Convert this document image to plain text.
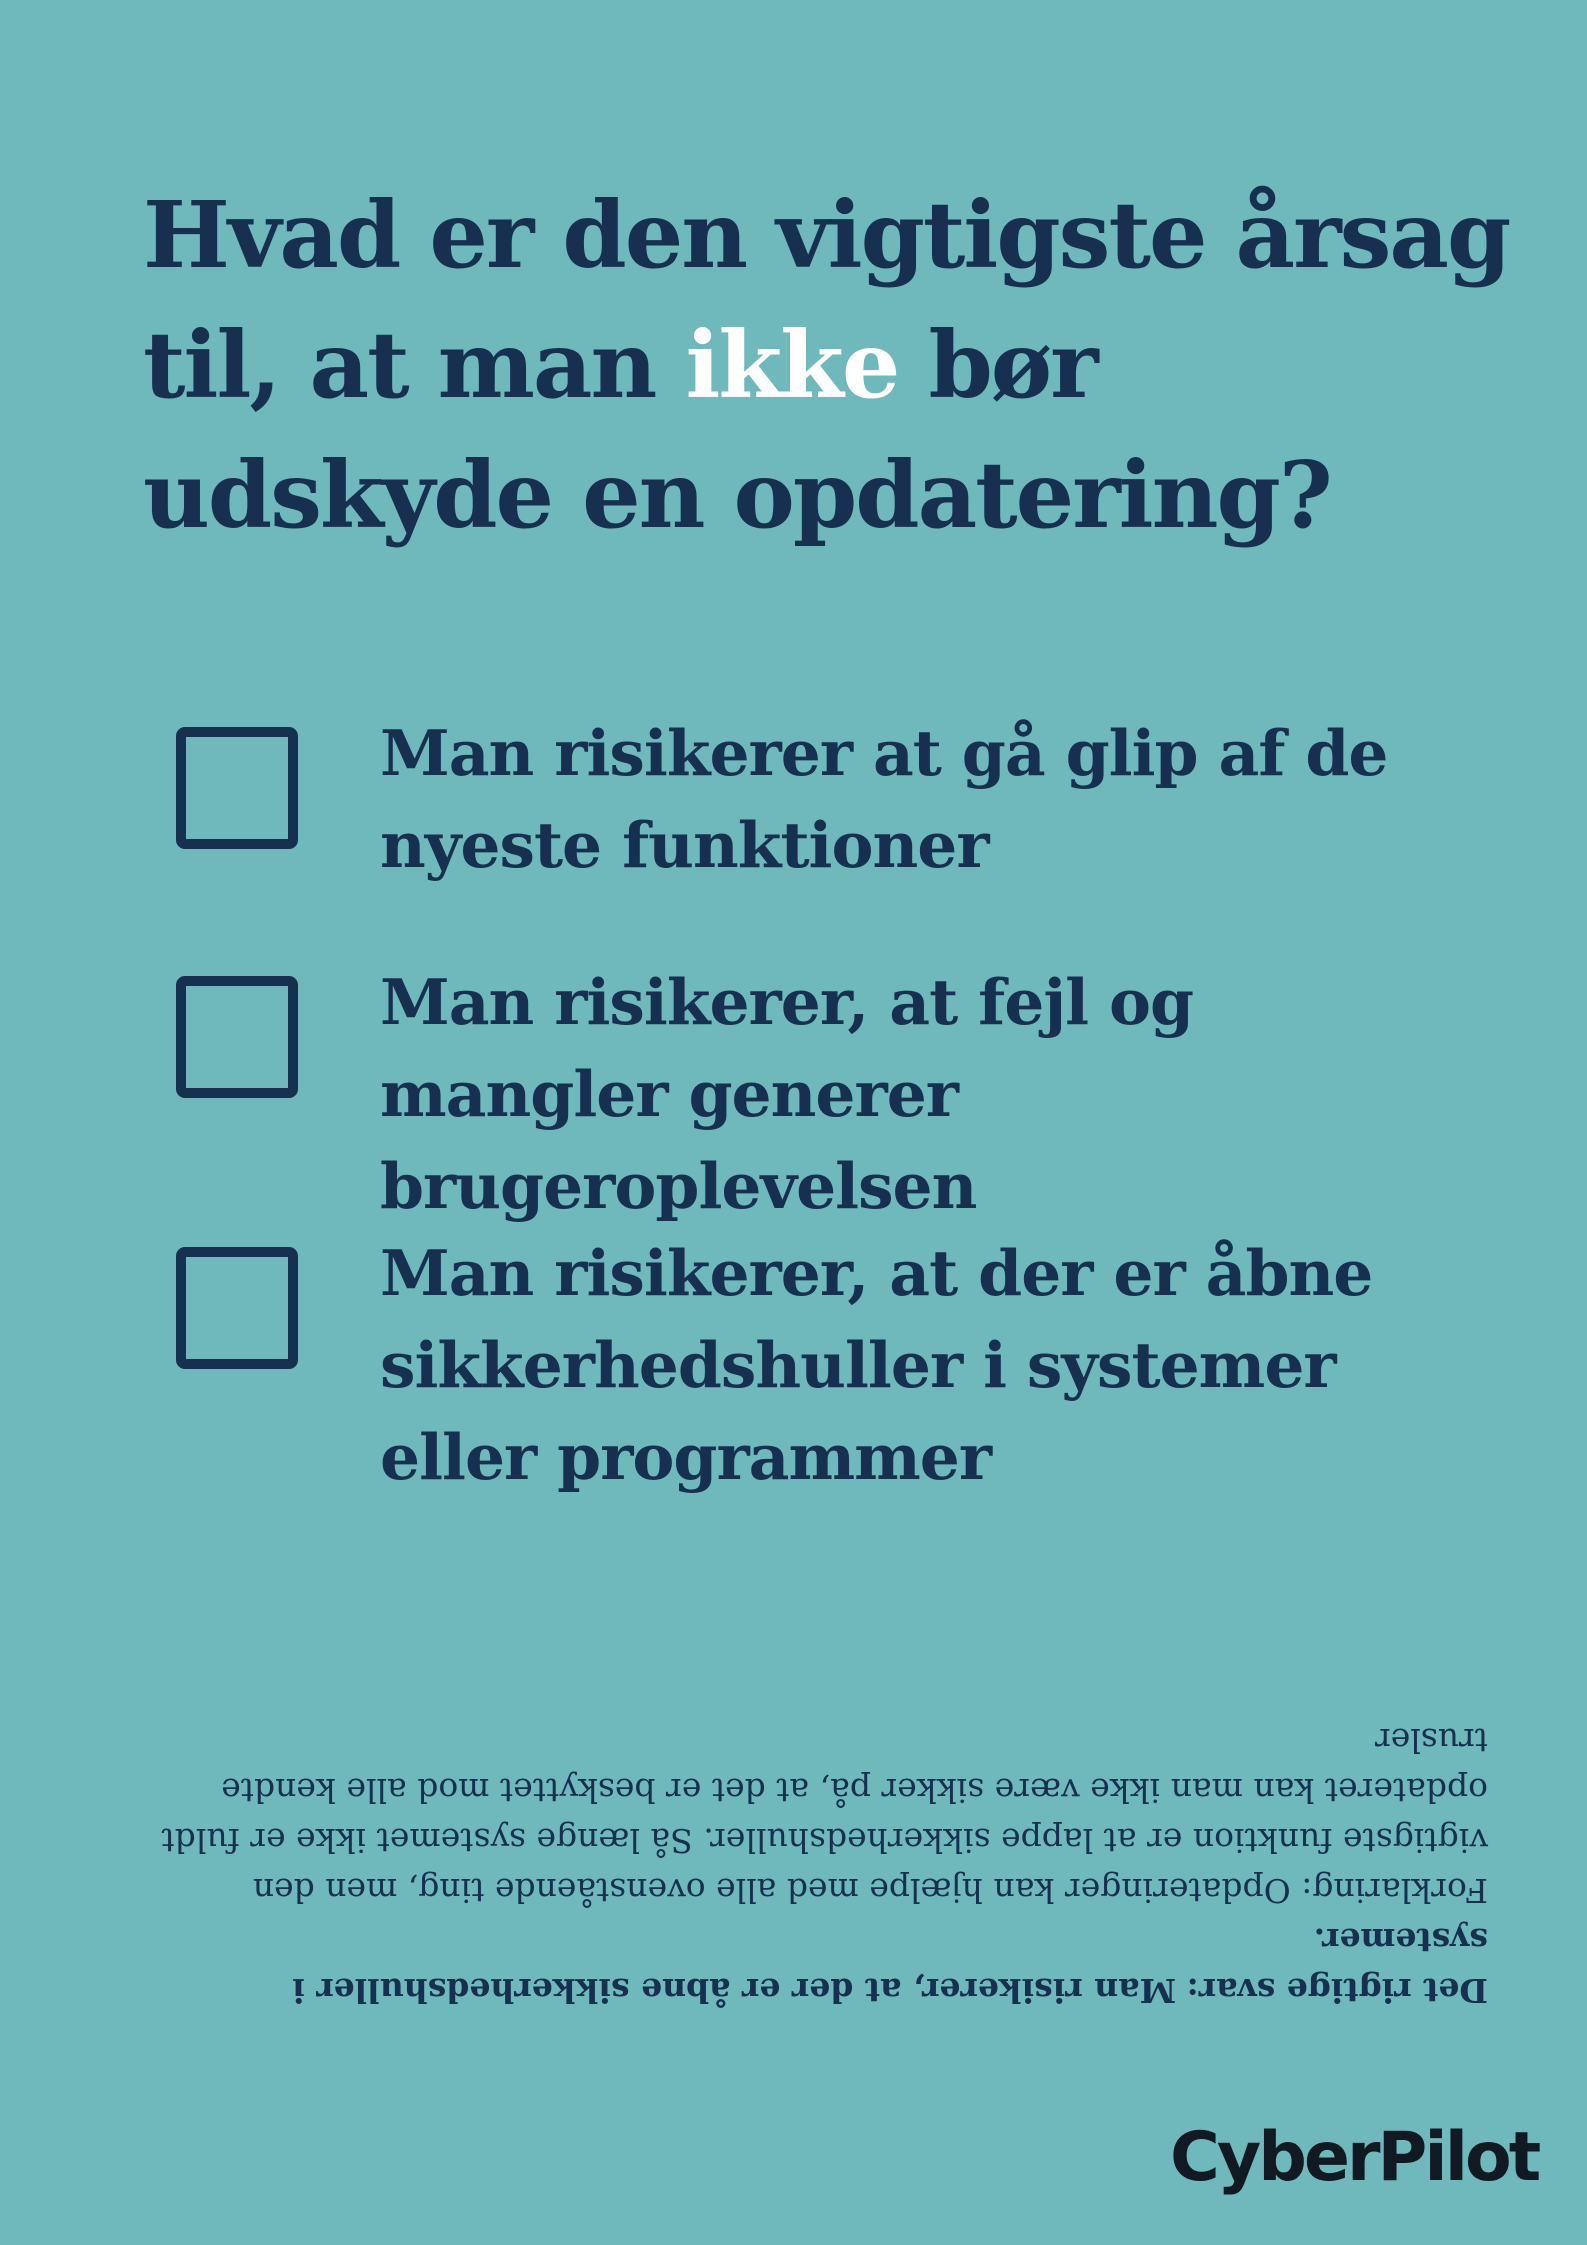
Hvad er den vigtigste årsag til, at man ikke bør udskyde en opdatering?
Man risikerer at gå glip af de nyeste funktioner
Man risikerer, at fejl og mangler generer brugeroplevelsen
Man risikerer, at der er åbne sikkerhedshuller i systemer eller programmer

Det rigtige svar: Man risikerer, at der er åbne sikkerhedshuller i systemer.

Forklaring: Opdateringer kan hjælpe med alle ovenstående ting, men den vigtigste funktion er at lappe sikkerhedshuller. Så længe systemet ikke er fuldt opdateret kan man ikke være sikker på, at det er beskyttet mod alle kendte trusler

CyberPilot
